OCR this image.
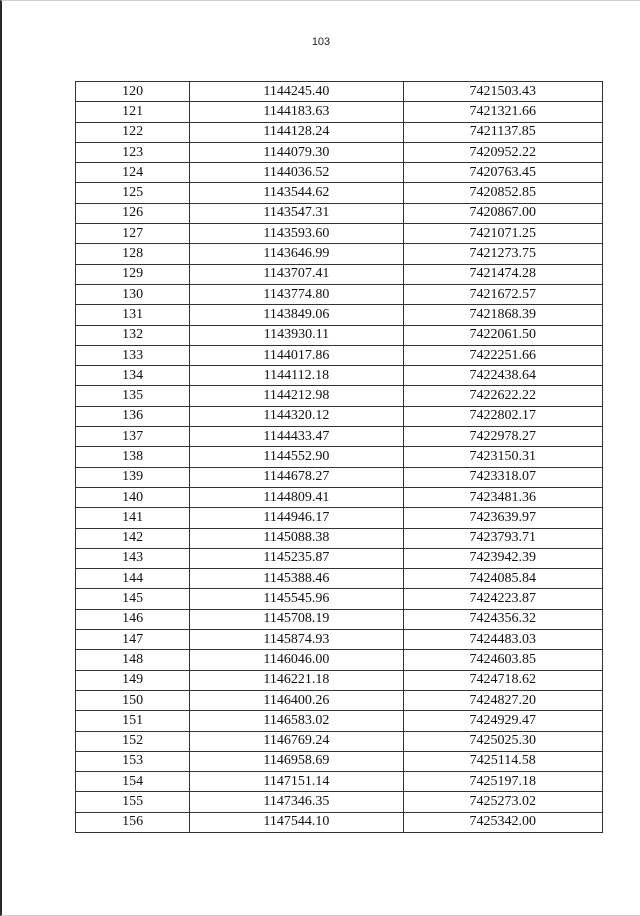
103
120	1144245.40	7421503.43
121	1144183.63	7421321.66
122	1144128.24	7421137.85
123	1144079.30	7420952.22
124	1144036.52	7420763.45
125	1143544.62	7420852.85
126	1143547.31	7420867.00
127	1143593.60	7421071.25
128	1143646.99	7421273.75
129	1143707.41	7421474.28
130	1143774.80	7421672.57
131	1143849.06	7421868.39
132	1143930.11	7422061.50
133	1144017.86	7422251.66
134	1144112.18	7422438.64
135	1144212.98	7422622.22
136	1144320.12	7422802.17
137	1144433.47	7422978.27
138	1144552.90	7423150.31
139	1144678.27	7423318.07
140	1144809.41	7423481.36
141	1144946.17	7423639.97
142	1145088.38	7423793.71
143	1145235.87	7423942.39
144	1145388.46	7424085.84
145	1145545.96	7424223.87
146	1145708.19	7424356.32
147	1145874.93	7424483.03
148	1146046.00	7424603.85
149	1146221.18	7424718.62
150	1146400.26	7424827.20
151	1146583.02	7424929.47
152	1146769.24	7425025.30
153	1146958.69	7425114.58
154	1147151.14	7425197.18
155	1147346.35	7425273.02
156	1147544.10	7425342.00
